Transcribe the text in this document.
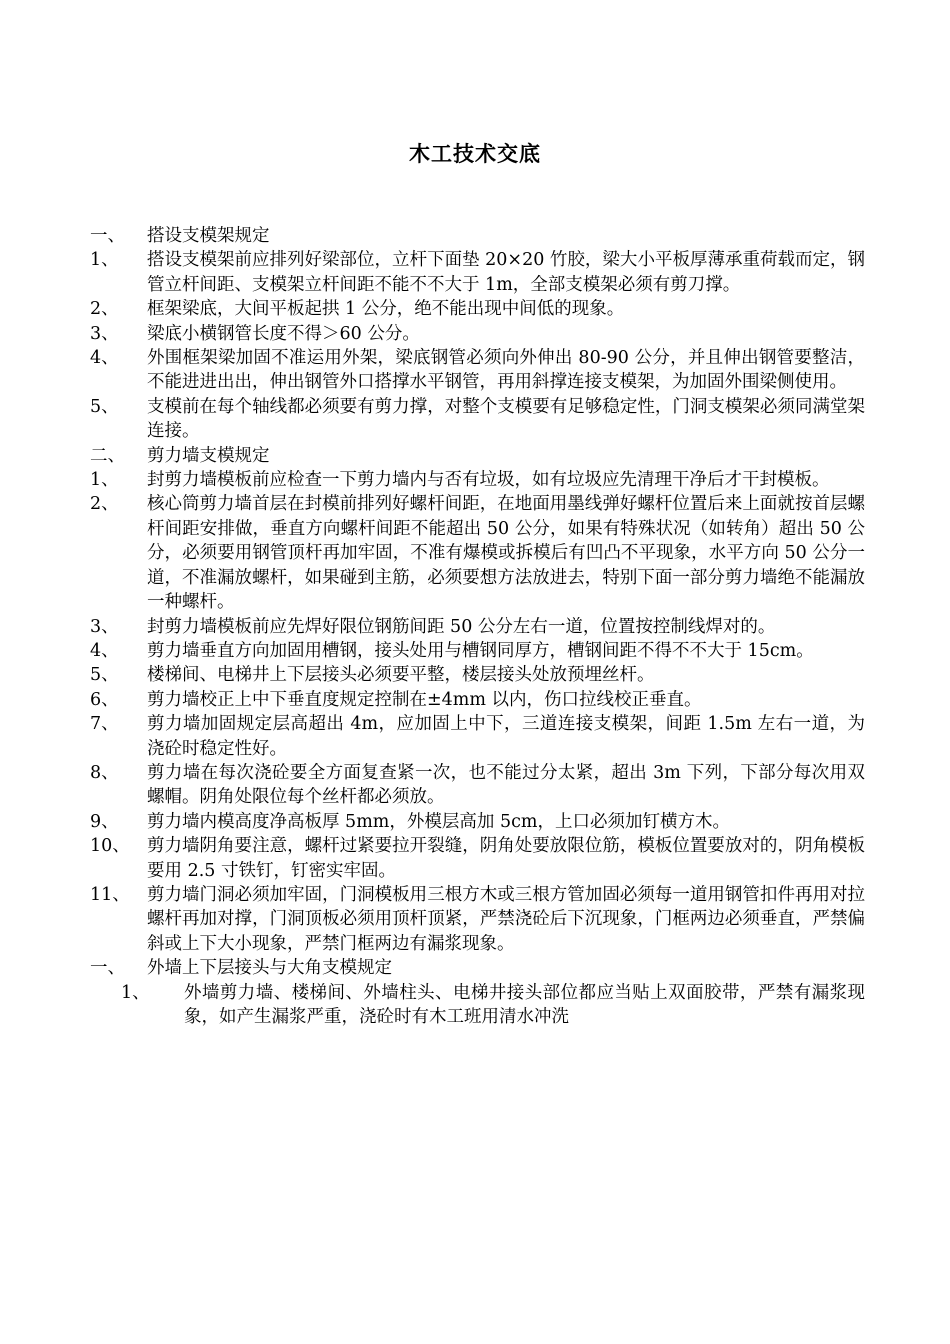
木工技术交底
一、	搭设支模架规定
1、	搭设支模架前应排列好梁部位，立杆下面垫 20×20 竹胶，梁大小平板厚薄承重荷载而定，钢管立杆间距、支模架立杆间距不能不不大于 1m，全部支模架必须有剪刀撑。
2、	框架梁底，大间平板起拱 1 公分，绝不能出现中间低的现象。
3、	梁底小横钢管长度不得＞60 公分。
4、	外围框架梁加固不准运用外架，梁底钢管必须向外伸出 80-90 公分，并且伸出钢管要整洁，不能进进出出，伸出钢管外口搭撑水平钢管，再用斜撑连接支模架，为加固外围梁侧使用。
5、	支模前在每个轴线都必须要有剪力撑，对整个支模要有足够稳定性，门洞支模架必须同满堂架连接。
二、	剪力墙支模规定
1、	封剪力墙模板前应检查一下剪力墙内与否有垃圾，如有垃圾应先清理干净后才干封模板。
2、	核心筒剪力墙首层在封模前排列好螺杆间距，在地面用墨线弹好螺杆位置后来上面就按首层螺杆间距安排做，垂直方向螺杆间距不能超出 50 公分，如果有特殊状况（如转角）超出 50 公分，必须要用钢管顶杆再加牢固，不准有爆模或拆模后有凹凸不平现象，水平方向 50 公分一道，不准漏放螺杆，如果碰到主筋，必须要想方法放进去，特别下面一部分剪力墙绝不能漏放一种螺杆。
3、	封剪力墙模板前应先焊好限位钢筋间距 50 公分左右一道，位置按控制线焊对的。
4、	剪力墙垂直方向加固用槽钢，接头处用与槽钢同厚方，槽钢间距不得不不大于 15cm。
5、	楼梯间、电梯井上下层接头必须要平整，楼层接头处放预埋丝杆。
6、	剪力墙校正上中下垂直度规定控制在±4mm 以内，伤口拉线校正垂直。
7、	剪力墙加固规定层高超出 4m，应加固上中下，三道连接支模架，间距 1.5m 左右一道，为浇砼时稳定性好。
8、	剪力墙在每次浇砼要全方面复查紧一次，也不能过分太紧，超出 3m 下列，下部分每次用双螺帽。阴角处限位每个丝杆都必须放。
9、	剪力墙内模高度净高板厚 5mm，外模层高加 5cm，上口必须加钉横方木。
10、 剪力墙阴角要注意，螺杆过紧要拉开裂缝，阴角处要放限位筋，模板位置要放对的，阴角模板要用 2.5 寸铁钉，钉密实牢固。
11、 剪力墙门洞必须加牢固，门洞模板用三根方木或三根方管加固必须每一道用钢管扣件再用对拉螺杆再加对撑，门洞顶板必须用顶杆顶紧，严禁浇砼后下沉现象，门框两边必须垂直，严禁偏斜或上下大小现象，严禁门框两边有漏浆现象。
一、	外墙上下层接头与大角支模规定
1、	外墙剪力墙、楼梯间、外墙柱头、电梯井接头部位都应当贴上双面胶带，严禁有漏浆现象，如产生漏浆严重，浇砼时有木工班用清水冲洗
